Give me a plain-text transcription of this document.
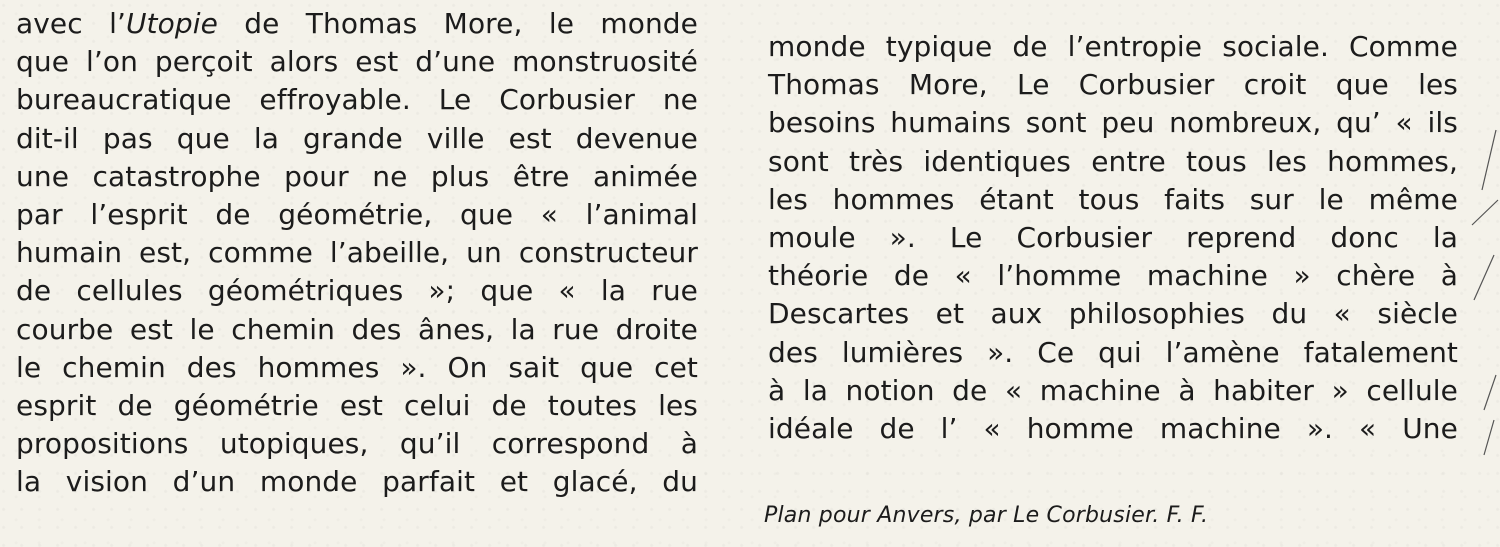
avec l’Utopie de Thomas More, le monde
que l’on perçoit alors est d’une monstruosité
bureaucratique effroyable. Le Corbusier ne
dit-il pas que la grande ville est devenue
une catastrophe pour ne plus être animée
par l’esprit de géométrie, que « l’animal
humain est, comme l’abeille, un constructeur
de cellules géométriques »; que « la rue
courbe est le chemin des ânes, la rue droite
le chemin des hommes ». On sait que cet
esprit de géométrie est celui de toutes les
propositions utopiques, qu’il correspond à
la vision d’un monde parfait et glacé, du
monde typique de l’entropie sociale. Comme
Thomas More, Le Corbusier croit que les
besoins humains sont peu nombreux, qu’ « ils
sont très identiques entre tous les hommes,
les hommes étant tous faits sur le même
moule ». Le Corbusier reprend donc la
théorie de « l’homme machine » chère à
Descartes et aux philosophies du « siècle
des lumières ». Ce qui l’amène fatalement
à la notion de « machine à habiter » cellule
idéale de l’ « homme machine ». « Une
Plan pour Anvers, par Le Corbusier. F. F.
